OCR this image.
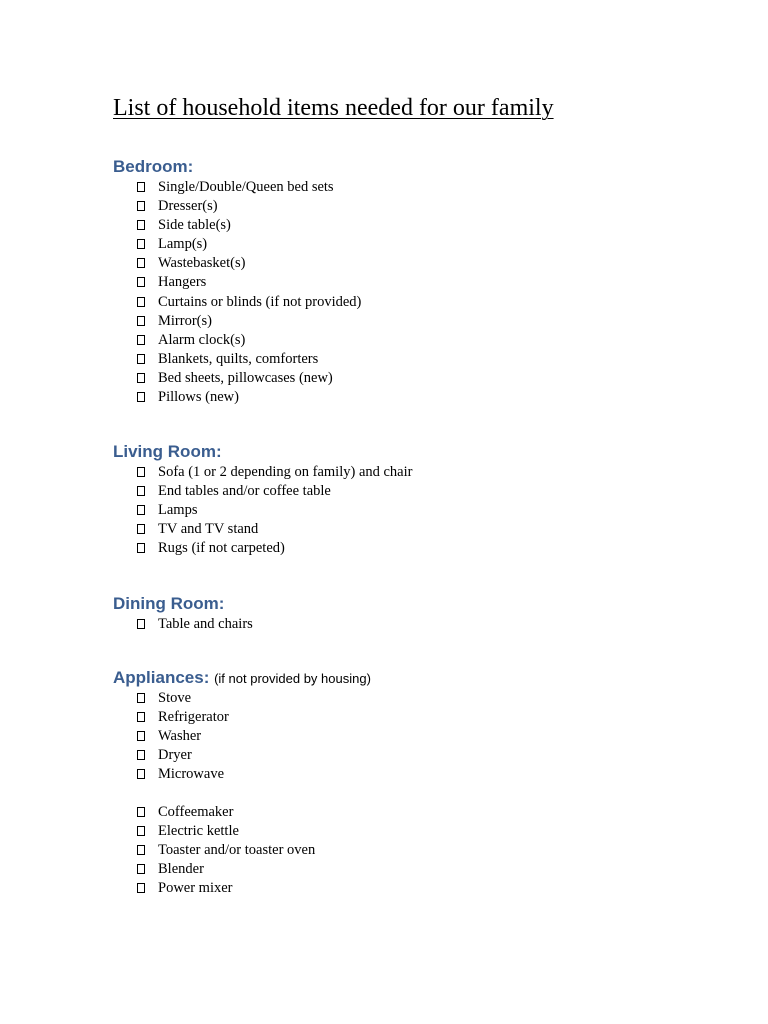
List of household items needed for our family
Bedroom:
Single/Double/Queen bed sets
Dresser(s)
Side table(s)
Lamp(s)
Wastebasket(s)
Hangers
Curtains or blinds (if not provided)
Mirror(s)
Alarm clock(s)
Blankets, quilts, comforters
Bed sheets, pillowcases (new)
Pillows (new)
Living Room:
Sofa (1 or 2 depending on family) and chair
End tables and/or coffee table
Lamps
TV and TV stand
Rugs (if not carpeted)
Dining Room:
Table and chairs
Appliances: (if not provided by housing)
Stove
Refrigerator
Washer
Dryer
Microwave
Coffeemaker
Electric kettle
Toaster and/or toaster oven
Blender
Power mixer
